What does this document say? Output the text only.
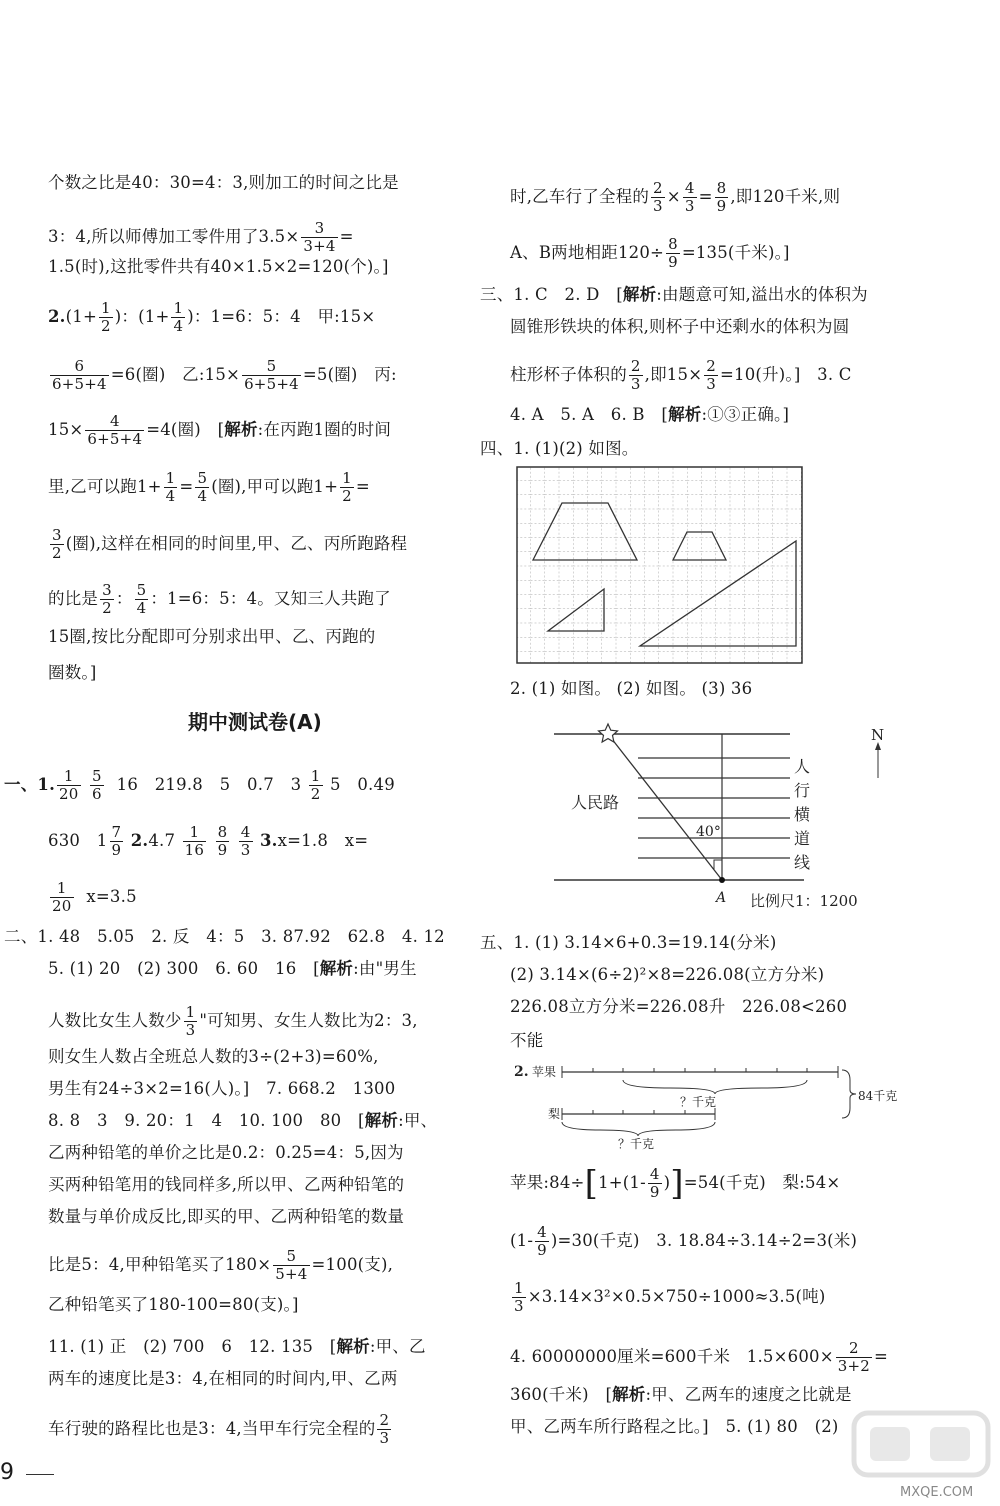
个数之比是40：30=4：3,则加工的时间之比是
3：4,所以师傅加工零件用了$3.5\times \frac{3}{3+4}$ =
1.5(时),这批零件共有40×1.5×2=120(个)。]
$2.(1+ \frac{1}{2}$ )：($1+ \frac{1}{4}$ )：1=6：5：4　甲:15×
$\frac{6}{6+5+4} =6$(圈)　乙:15× $\frac{5}{6+5+4} =5$(圈)　丙:
$15\times \frac{4}{6+5+4} =4$(圈)　[解析:在丙跑1圈的时间
里,乙可以跑$1+ \frac{1}{4} = \frac{5}{4}$ (圈),甲可以跑$1+ \frac{1}{2}$ =
$\frac{3}{2}$ (圈),这样在相同的时间里,甲、乙、丙所跑路程
的比是 $\frac{3}{2}$ ： $\frac{5}{4}$ ：1=6：5：4。又知三人共跑了
15圈,按比分配即可分别求出甲、乙、丙跑的
圈数。]
期中测试卷(A)
一、1. $\frac{1}{20}$
$\frac{5}{6} 16$　219.8　5　0.7　$3 \frac{1}{2} 5$　0.49
630　$1 \frac{7}{9} 2.4.7 \frac{1}{16}$
$\frac{8}{9}$
$\frac{4}{3} 3.x=1.8$　x=
$\frac{1}{20} x=3.5$
二、1. 48　5.05　2. 反　4：5　3. 87.92　62.8　4. 12
5. (1) 20　(2) 300　6. 60　16　[解析:由"男生
人数比女生人数少 $\frac{1}{3}$ "可知男、女生人数比为2：3,
则女生人数占全班总人数的3÷(2+3)=60%,
男生有24÷3×2=16(人)。]　7. 668.2　1300
8. 8　3　9. 20：1　4　10. 100　80　[解析:甲、
乙两种铅笔的单价之比是0.2：0.25=4：5,因为
买两种铅笔用的钱同样多,所以甲、乙两种铅笔的
数量与单价成反比,即买的甲、乙两种铅笔的数量
比是5：4,甲种铅笔买了$180\times \frac{5}{5+4} =100$(支),
乙种铅笔买了180-100=80(支)。]
11. (1) 正　(2) 700　6　12. 135　[解析:甲、乙
两车的速度比是3：4,在相同的时间内,甲、乙两
车行驶的路程比也是3：4,当甲车行完全程的 $\frac{2}{3}$
时,乙车行了全程的 $\frac{2}{3} \times \frac{4}{3} = \frac{8}{9}$ ,即120千米,则
A、B两地相距$120\div \frac{8}{9} =135$(千米)。]
三、1. C　2. D　[解析:由题意可知,溢出水的体积为
圆锥形铁块的体积,则杯子中还剩水的体积为圆
柱形杯子体积的 $\frac{2}{3}$ ,即$15\times \frac{2}{3} =10$(升)。]　3. C
4. A　5. A　6. B　[解析:①③正确。]
四、1. (1)(2) 如图。
2. (1) 如图。 (2) 如图。 (3) 36
人民路
人
行
横
道
线
40°
N
A 比例尺1：1200
五、1. (1) 3.14×6+0.3=19.14(分米)
(2) 3.14×(6÷2)²×8=226.08(立方分米)
226.08立方分米=226.08升　226.08<260
不能
2. 苹果
梨
？千克
？千克
84千克
苹果:84÷[1+(1- $\frac{4}{9} )]=54$(千克)　梨:54×
$(1- \frac{4}{9} )=30$(千克)　3. 18.84÷3.14÷2=3(米)
$\frac{1}{3} \times 3.14\times 3^2\times 0.5\times 750\div 1000\approx 3.5$(吨)
4. 60000000厘米=600千米　$1.5\times 600\times \frac{2}{3+2}$ =
360(千米)　[解析:甲、乙两车的速度之比就是
甲、乙两车所行路程之比。]　5. (1) 80　(2)
9
MXQE.COM
